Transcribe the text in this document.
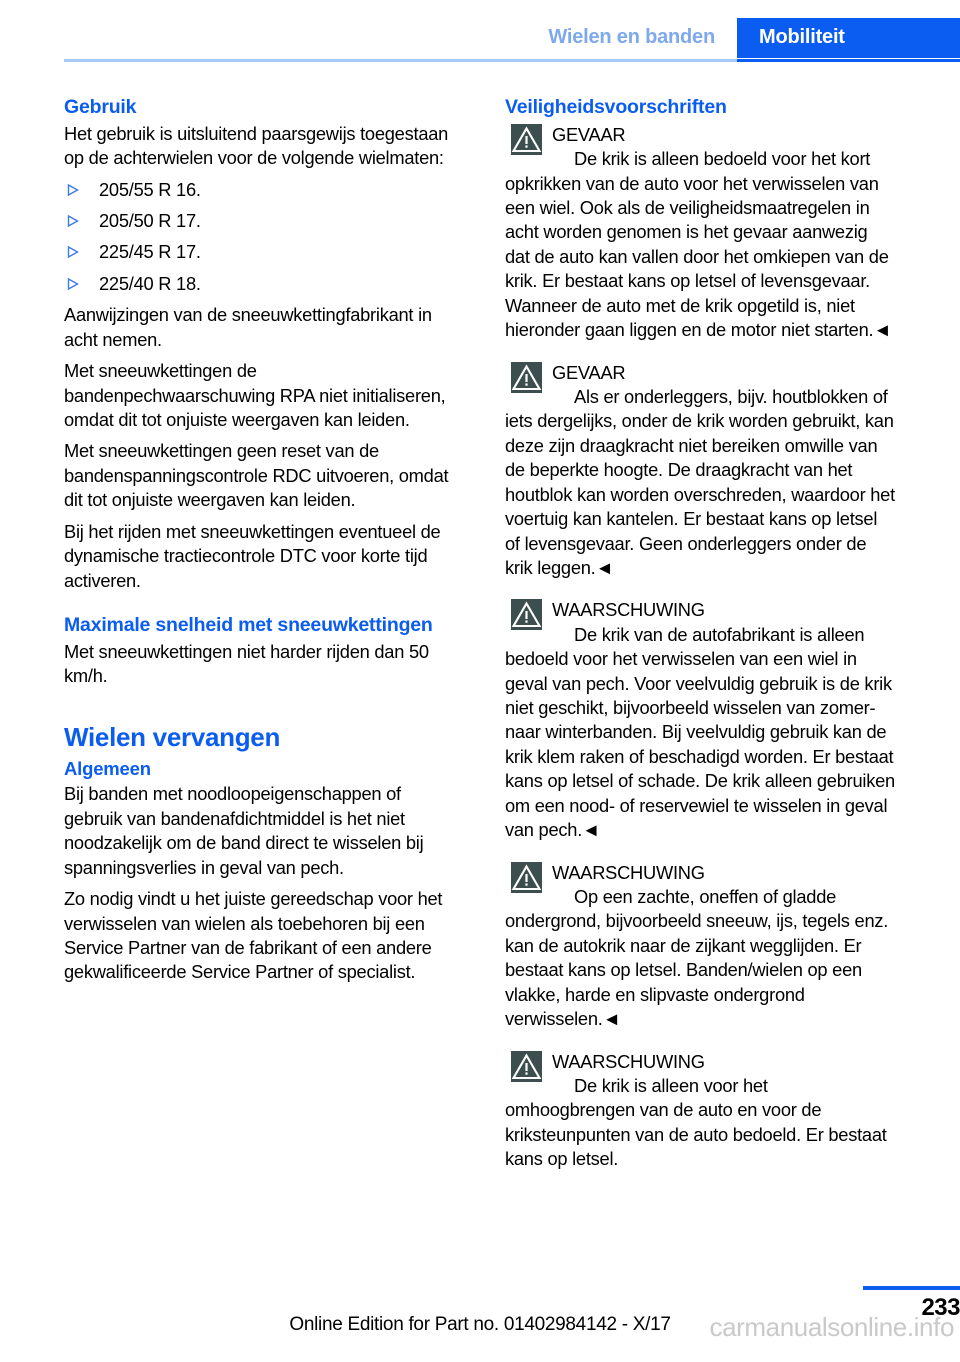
Wielen en banden	Mobiliteit
Gebruik

Het gebruik is uitsluitend paarsgewijs toegestaan op de achterwielen voor de volgende wielmaten:

205/55 R 16.
205/50 R 17.
225/45 R 17.
225/40 R 18.

Aanwijzingen van de sneeuwkettingfabrikant in acht nemen.

Met sneeuwkettingen de bandenpechwaarschuwing RPA niet initialiseren, omdat dit tot onjuiste weergaven kan leiden.

Met sneeuwkettingen geen reset van de bandenspanningscontrole RDC uitvoeren, omdat dit tot onjuiste weergaven kan leiden.

Bij het rijden met sneeuwkettingen eventueel de dynamische tractiecontrole DTC voor korte tijd activeren.

Maximale snelheid met sneeuwkettingen

Met sneeuwkettingen niet harder rijden dan 50 km/h.

Wielen vervangen
Algemeen

Bij banden met noodloopeigenschappen of gebruik van bandenafdichtmiddel is het niet noodzakelijk om de band direct te wisselen bij spanningsverlies in geval van pech.

Zo nodig vindt u het juiste gereedschap voor het verwisselen van wielen als toebehoren bij een Service Partner van de fabrikant of een andere gekwalificeerde Service Partner of specialist.

Veiligheidsvoorschriften

GEVAAR

De krik is alleen bedoeld voor het kort opkrikken van de auto voor het verwisselen van een wiel. Ook als de veiligheidsmaatregelen in acht worden genomen is het gevaar aanwezig dat de auto kan vallen door het omkiepen van de krik. Er bestaat kans op letsel of levensgevaar. Wanneer de auto met de krik opgetild is, niet hieronder gaan liggen en de motor niet starten.◄

GEVAAR

Als er onderleggers, bijv. houtblokken of iets dergelijks, onder de krik worden gebruikt, kan deze zijn draagkracht niet bereiken omwille van de beperkte hoogte. De draagkracht van het houtblok kan worden overschreden, waardoor het voertuig kan kantelen. Er bestaat kans op letsel of levensgevaar. Geen onderleggers onder de krik leggen.◄

WAARSCHUWING

De krik van de autofabrikant is alleen bedoeld voor het verwisselen van een wiel in geval van pech. Voor veelvuldig gebruik is de krik niet geschikt, bijvoorbeeld wisselen van zomer- naar winterbanden. Bij veelvuldig gebruik kan de krik klem raken of beschadigd worden. Er bestaat kans op letsel of schade. De krik alleen gebruiken om een nood- of reservewiel te wisselen in geval van pech.◄

WAARSCHUWING

Op een zachte, oneffen of gladde ondergrond, bijvoorbeeld sneeuw, ijs, tegels enz. kan de autokrik naar de zijkant wegglijden. Er bestaat kans op letsel. Banden/wielen op een vlakke, harde en slipvaste ondergrond verwisselen.◄

WAARSCHUWING

De krik is alleen voor het omhoogbrengen van de auto en voor de kriksteunpunten van de auto bedoeld. Er bestaat kans op letsel.

233
Online Edition for Part no. 01402984142 - X/17	carmanualsonline.info
